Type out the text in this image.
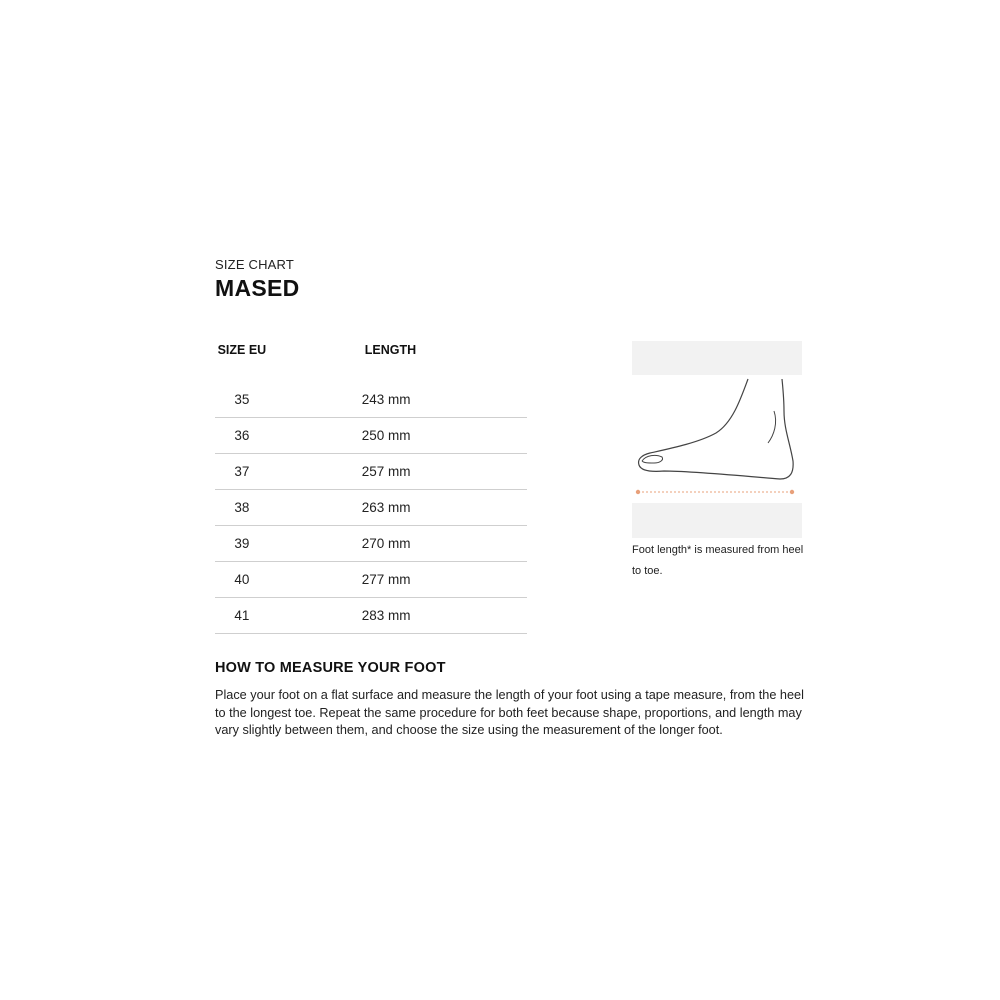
SIZE CHART
MASED
SIZE EU	LENGTH
35	243 mm
36	250 mm
37	257 mm
38	263 mm
39	270 mm
40	277 mm
41	283 mm
Foot length* is measured from heel to toe.
HOW TO MEASURE YOUR FOOT
Place your foot on a flat surface and measure the length of your foot using a tape measure, from the heel to the longest toe. Repeat the same procedure for both feet because shape, proportions, and length may vary slightly between them, and choose the size using the measurement of the longer foot.
